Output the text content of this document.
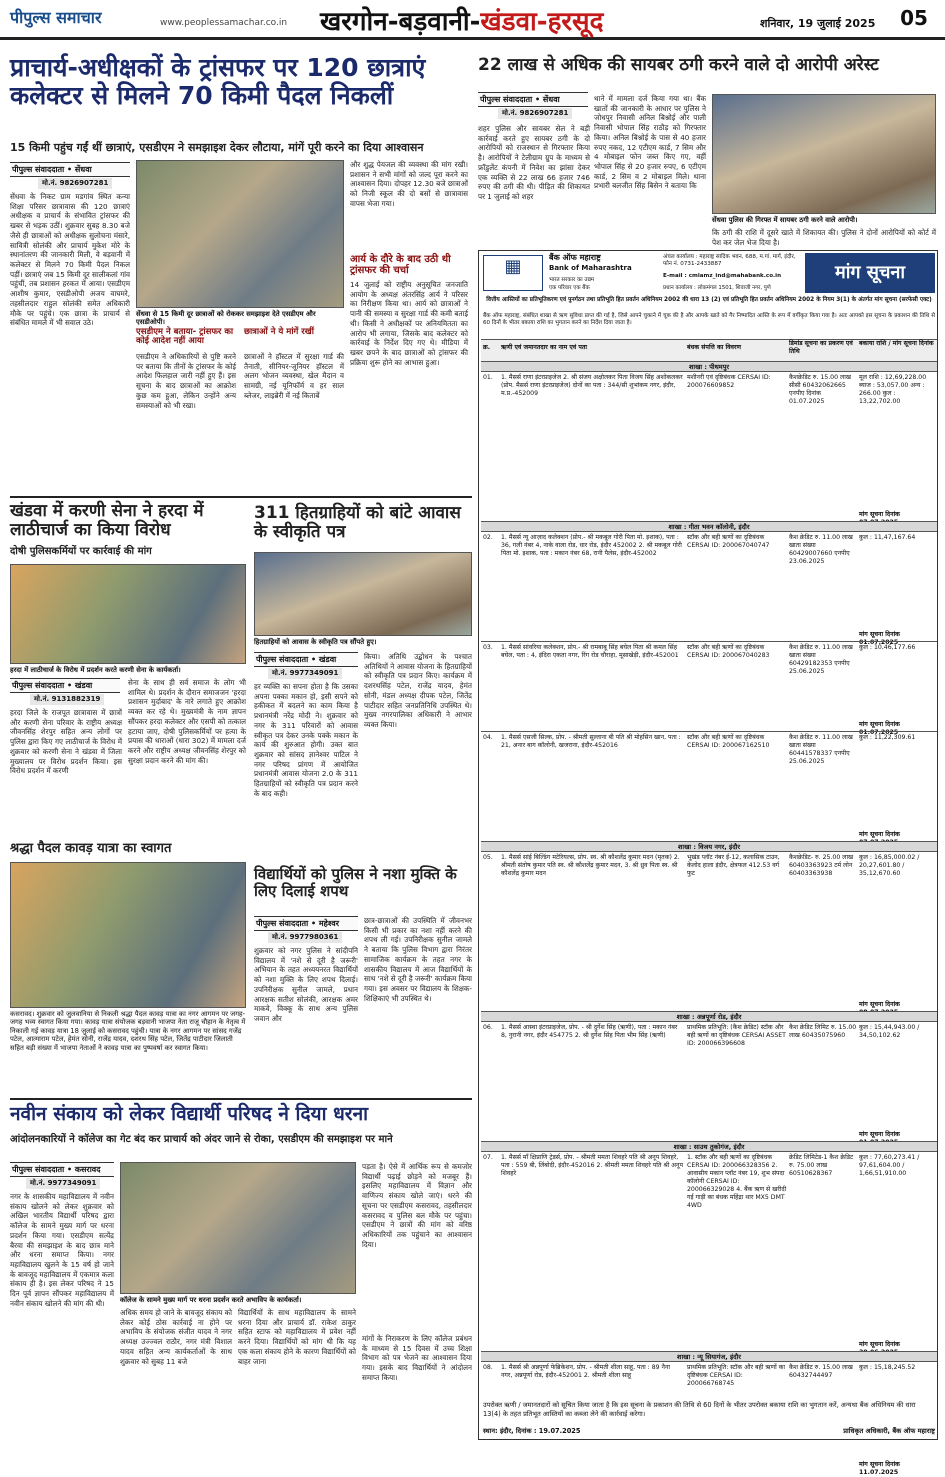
पीपुल्स समाचार	www.peoplessamachar.co.in खरगोन-बड़वानी-खंडवा-हरसूद	शनिवार, 19 जुलाई 2025 05
प्राचार्य-अधीक्षकों के ट्रांसफर पर 120 छात्राएं कलेक्टर से मिलने 70 किमी पैदल निकलीं
15 किमी पहुंच गईं थीं छात्राएं, एसडीएम ने समझाइश देकर लौटाया, मांगें पूरी करने का दिया आश्वासन
पीपुल्स संवाददाता • सेंधवा
मो.नं. 9826907281
सेंधवा के निकट ग्राम मडगांव स्थित कन्या शिक्षा परिसर छात्रावास की 120 छात्राएं अधीक्षक व प्राचार्य के संभावित ट्रांसफर की खबर से भड़क उठीं। शुक्रवार सुबह 8.30 बजे जैसे ही छात्राओं को अधीक्षक सुलोचना मंसारे, सावित्री सोलंकी और प्राचार्य मुकेश मोरे के स्थानांतरण की जानकारी मिली, वे बड़वानी में कलेक्टर से मिलने 70 किमी पैदल निकल पड़ीं। छात्राएं जब 15 किमी दूर सालीकलां गांव पहुंचीं, तब प्रशासन हरकत में आया। एसडीएम आशीष कुमार, एसडीओपी अजय वाघमरे, तहसीलदार राहुल सोलंकी समेत अधिकारी मौके पर पहुंचे। एक छात्रा के प्राचार्य से संबंधित मामले में भी सवाल उठे।
सेंधवा से 15 किमी दूर छात्राओं को रोककर समझाइश देते एसडीएम और एसडीओपी।
और शुद्ध पेयजल की व्यवस्था की मांग रखी। प्रशासन ने सभी मांगों को जल्द पूरा करने का आश्वासन दिया। दोपहर 12.30 बजे छात्राओं को निजी स्कूल की दो बसों से छात्रावास वापस भेजा गया।
आर्य के दौरे के बाद उठी थी ट्रांसफर की चर्चा
14 जुलाई को राष्ट्रीय अनुसूचित जनजाति आयोग के अध्यक्ष अंतरसिंह आर्य ने परिसर का निरीक्षण किया था। आर्य को छात्राओं ने पानी की समस्या व सुरक्षा गार्ड की कमी बताई थी। किसी ने अधीक्षकों पर अनियमितता का आरोप भी लगाया, जिसके बाद कलेक्टर को कार्रवाई के निर्देश दिए गए थे। मीडिया में खबर छपने के बाद छात्राओं को ट्रांसफर की प्रक्रिया शुरू होने का आभास हुआ।
एसडीएम ने बताया- ट्रांसफर का कोई आदेश नहीं आया
एसडीएम ने अधिकारियों से पुष्टि करने पर बताया कि तीनों के ट्रांसफर के कोई आदेश फिलहाल जारी नहीं हुए हैं। इस सूचना के बाद छात्राओं का आक्रोश कुछ कम हुआ, लेकिन उन्होंने अन्य समस्याओं को भी रखा।
छात्राओं ने ये मांगें रखीं
छात्राओं ने हॉस्टल में सुरक्षा गार्ड की तैनाती, सीनियर-जूनियर हॉस्टल में अलग भोजन व्यवस्था, खेल मैदान व सामग्री, नई यूनिफॉर्म व हर साल ब्लेजर, लाइब्रेरी में नई किताबें
22 लाख से अधिक की सायबर ठगी करने वाले दो आरोपी अरेस्ट
पीपुल्स संवाददाता • सेंधवा
मो.नं. 9826907281
शहर पुलिस और सायबर सेल ने बड़ी कार्रवाई करते हुए सायबर ठगी के दो आरोपियों को राजस्थान से गिरफ्तार किया है। आरोपियों ने टेलीग्राम ग्रुप के माध्यम से फ्रॉडुलेंट कंपनी में निवेश का झांसा देकर एक व्यक्ति से 22 लाख 66 हजार 746 रुपए की ठगी की थी। पीड़ित की शिकायत पर 1 जुलाई को शहर
थाने में मामला दर्ज किया गया था। बैंक खातों की जानकारी के आधार पर पुलिस ने जोधपुर निवासी अनिल बिश्नोई और पाली निवासी भोपाल सिंह राठौड़ को गिरफ्तार किया। अनिल बिश्नोई के पास से 40 हजार रुपए नकद, 12 एटीएम कार्ड, 7 सिम और 4 मोबाइल फोन जब्त किए गए, वहीं भोपाल सिंह से 20 हजार रुपए, 6 एटीएम कार्ड, 2 सिम व 2 मोबाइल मिले। थाना प्रभारी बलजीत सिंह बिसेन ने बताया कि
सेंधवा पुलिस की गिरफ्त में सायबर ठगी करने वाले आरोपी।
कि ठगी की राशि में दूसरे खाते में शिकायत की। पुलिस ने दोनों आरोपियों को कोर्ट में पेश कर जेल भेज दिया है।
▦	बैंक ऑफ महाराष्ट्र
Bank of Maharashtra
भारत सरकार का उद्यम
एक परिवार एक बैंक
अंचल कार्यालय : महाराष्ट्र सादिक भवन, 688, म.गां. मार्ग, इंदौर, फोन नं. 0731-2433887
E-mail : cmlamz_ind@mahabank.co.in
प्रधान कार्यालय : लोकमंगल 1501, शिवाजी नगर, पुणे
मांग सूचना
वित्तीय आस्तियों का प्रतिभूतिकरण एवं पुनर्गठन तथा प्रतिभूति हित प्रवर्तन अधिनियम 2002 की धारा 13 (2) एवं प्रतिभूति हित प्रवर्तन अधिनियम 2002 के नियम 3(1) के अंतर्गत मांग सूचना (सरफेसी एक्ट)
बैंक ऑफ महाराष्ट्र, संबंधित शाखा से ऋण सुविधा प्राप्त की गई है, जिसे आपने चुकाने में चूक की है और आपके खाते को गैर निष्पादित आस्ति के रूप में वर्गीकृत किया गया है। अतः आपको इस सूचना के प्रकाशन की तिथि से 60 दिनों के भीतर बकाया राशि का भुगतान करने का निर्देश दिया जाता है।
क्र.	ऋणी एवं जमानतदार का नाम एवं पता	बंधक संपत्ति का विवरण
डिमांड सूचना का प्रकरण एवं तिथि
बकाया राशि / मांग सूचना दिनांक
शाखा : पीथमपुर
01.	1. मैसर्स राणा इंटरप्राइजेज 2. श्री संजय अक्षोलकर पिता विजय सिंह अशोकलकर (प्रोप. मैसर्स राणा इंटरप्राइजेज) दोनों का पता : 344/सी शुभांकम नगर, इंदौर, म.प्र.-452009
मशीनरी एवं दृष्टिबंधक CERSAI ID: 200076609852
कैशक्रेडिट रु. 15.00 लाख सीसी 60432062665 एनपीए दिनांक 01.07.2025
मूल राशि : 12,69,228.00 ब्याज : 53,057.00 अन्य : 266.00 कुल : 13,22,702.00
मांग सूचना दिनांक
शाखा : गीता भवन कॉलोनी, इंदौर
02.	1. मैसर्स न्यू आज़ाद कलेक्शन (प्रोप.- श्री मकबूल गोरी पिता मो. इशाक), पता : 36, गली नंबर 4, नाके वाला रोड, धार रोड, इंदौर 452002 2. श्री मकबूल गोरी पिता मो. इशाक, पता : मकान नंबर 68, रानी पैलेस, इंदौर-452002
स्टॉक और बही ऋणों का दृष्टिबंधक CERSAI ID: 200067040747
कैश क्रेडिट रु. 11.00 लाख खाता संख्या 60429007660 एनपीए 23.06.2025
कुल : 11,47,167.64
मांग सूचना दिनांक 01.07.2025
03.	1. मैसर्स सांवरिया कलेक्शन, प्रोप.- श्री रामबाबू सिंह बघेल पिता श्री कमल सिंह बघेल, पता : 4, इंदिरा एकता नगर, रिंग रोड चौराहा, मूसाखेड़ी, इंदौर-452001
स्टॉक और बही ऋणों का दृष्टिबंधक CERSAI ID: 200067040283
कैश क्रेडिट रु. 11.00 लाख खाता संख्या 60429182353 एनपीए 25.06.2025
कुल : 10,46,177.66
मांग सूचना दिनांक 01.07.2025
04.	1. मैसर्स एसजी सिल्क, प्रोप. - श्रीमती सुल्ताना बी पति श्री मोहसिन खान, पता : 21, अनार बाग कॉलोनी, खजराना, इंदौर-452016
स्टॉक और बही ऋणों का दृष्टिबंधक CERSAI ID: 200067162510
कैश क्रेडिट रु. 11.00 लाख खाता संख्या 60441578337 एनपीए 25.06.2025
कुल : 11,22,309.61
मांग सूचना दिनांक
शाखा : विजय नगर, इंदौर
05.	1. मैसर्स सांई बिल्डिंग मटेरियल्स, प्रोप. स्व. श्री कौशलेंद्र कुमार मदन (मृतक) 2. श्रीमती संतोष कुमार पति स्व. श्री कौशलेंद्र कुमार मदन, 3. श्री ध्रुव पिता स्व. श्री कौशलेंद्र कुमार मदन
भूखंड प्लॉट नंबर ई-12, कलासिक टाउन, केलोद हाला इंदौर, क्षेत्रफल 412.53 वर्ग फुट
कैशक्रेडिट- रु. 25.00 लाख 60403363923 टर्म लोन 60403363938
कुल : 16,85,000.02 / 20,27,601.80 / 35,12,670.60
मांग सूचना दिनांक
शाखा : अन्नपूर्णा रोड, इंदौर
06.	1. मैसर्स आस्था इंटरप्राइजेज, प्रोप. - श्री दुर्गेश सिंह (ऋणी), पता : मकान नंबर 8, नुरानी नगर, इंदौर 454775 2. श्री दुर्गेश सिंह पिता भीम सिंह (ऋणी)
प्राथमिक प्रतिभूति: (कैश क्रेडिट) स्टॉक और बही ऋणों का दृष्टिबंधक CERSAI ASSET ID: 200066396608
कैश क्रेडिट लिमिट रु. 15.00 लाख 60435075960
कुल : 15,44,943.00 / 34,50,102.62
मांग सूचना दिनांक
शाखा : साउथ तुकोगंज, इंदौर
07.	1. मैसर्स माँ क्षिप्राणि ट्रेडर्स, प्रोप. - श्रीमती ममता शिवहरे पति श्री अनूप शिवहरे, पता : 559 बी, लिंबोदी, इंदौर-452016 2. श्रीमती ममता शिवहरे पति श्री अनूप शिवहरे
1. स्टॉक और बही ऋणों का दृष्टिबंधक CERSAI ID: 200066328356 2. आवासीय मकान प्लॉट नंबर 19, शुभ संपदा कॉलोनी CERSAI ID: 200066329028 4. बैंक ऋण से खरीदी गई गाड़ी का बंधक महिंद्रा थार MX5 DMT 4WD
क्रेडिट लिमिटेड-1 कैश क्रेडिट रु. 75.00 लाख 60510628367
कुल : 77,60,273.41 / 97,61,604.00 / 1,66,51,910.00
मांग सूचना दिनांक
शाखा : न्यू सियागंज, इंदौर
08.	1. मैसर्स श्री अन्नपूर्णा फेब्रिकेशन, प्रोप. - श्रीमती शीला साहू, पता : 89 नैना नगर, अन्नपूर्णा रोड, इंदौर-452001 2. श्रीमती शीला साहू
प्राथमिक प्रतिभूति: स्टॉक और बही ऋणों का दृष्टिबंधक CERSAI ID: 200066768745
कैश क्रेडिट रु. 15.00 लाख 60432744497
कुल : 15,18,245.52
मांग सूचना दिनांक 11.07.2025
उपरोक्त ऋणी / जमानतदारों को सूचित किया जाता है कि इस सूचना के प्रकाशन की तिथि से 60 दिनों के भीतर उपरोक्त बकाया राशि का भुगतान करें, अन्यथा बैंक अधिनियम की धारा 13(4) के तहत प्रतिभूत आस्तियों का कब्जा लेने की कार्रवाई करेगा।
स्थान: इंदौर, दिनांक : 19.07.2025	प्राधिकृत अधिकारी, बैंक ऑफ महाराष्ट्र
खंडवा में करणी सेना ने हरदा में लाठीचार्ज का किया विरोध
दोषी पुलिसकर्मियों पर कार्रवाई की मांग
हरदा में लाठीचार्ज के विरोध में प्रदर्शन करते करणी सेना के कार्यकर्ता।
पीपुल्स संवाददाता • खंडवा
मो.नं. 9131882319
हरदा जिले के राजपूत छात्रावास में छात्रों और करणी सेना परिवार के राष्ट्रीय अध्यक्ष जीवनसिंह शेरपुर सहित अन्य लोगों पर पुलिस द्वारा किए गए लाठीचार्ज के विरोध में शुक्रवार को करणी सेना ने खंडवा में जिला मुख्यालय पर विरोध प्रदर्शन किया। इस विरोध प्रदर्शन में करणी
सेना के साथ ही सर्व समाज के लोग भी शामिल थे। प्रदर्शन के दौरान समाजजन 'हरदा प्रशासन मुर्दाबाद' के नारे लगाते हुए आक्रोश व्यक्त कर रहे थे। मुख्यमंत्री के नाम ज्ञापन सौंपकर हरदा कलेक्टर और एसपी को तत्काल हटाया जाए, दोषी पुलिसकर्मियों पर हत्या के प्रयास की धाराओं (धारा 302) में मामला दर्ज करने और राष्ट्रीय अध्यक्ष जीवनसिंह शेरपुर को सुरक्षा प्रदान करने की मांग की।
311 हितग्राहियों को बांटे आवास के स्वीकृति पत्र
हितग्राहियों को आवास के स्वीकृति पत्र सौंपते हुए।
पीपुल्स संवाददाता • खंडवा
मो.नं. 9977349091
हर व्यक्ति का सपना होता है कि उसका अपना पक्का मकान हो, इसी सपने को हकीकत में बदलने का काम किया है प्रधानमंत्री नरेंद्र मोदी ने। शुक्रवार को नगर के 311 परिवारों को आवास स्वीकृत पत्र देकर उनके पक्के मकान के कार्य की शुरुआत होगी। उक्त बात शुक्रवार को सांसद ज्ञानेश्वर पाटिल ने नगर परिषद प्रांगण में आयोजित प्रधानमंत्री आवास योजना 2.0 के 311 हितग्राहियों को स्वीकृति पत्र प्रदान करने के बाद कही।
किया। अतिथि उद्बोधन के पश्चात अतिथियों ने आवास योजना के हितग्राहियों को स्वीकृति पत्र प्रदान किए। कार्यक्रम में दशरथसिंह पटेल, राजेंद्र यादव, हेमंत सोनी, मंडल अध्यक्ष दीपक पटेल, जितेंद्र पाटीदार सहित जनप्रतिनिधि उपस्थित थे। मुख्य नगरपालिका अधिकारी ने आभार व्यक्त किया।
श्रद्धा पैदल कावड़ यात्रा का स्वागत
कसरावद। शुक्रवार को जुलवानिया से निकली श्रद्धा पैदल कावड़ यात्रा का नगर आगमन पर जगह-जगह भव्य स्वागत किया गया। कावड़ यात्रा संयोजक बड़वानी भाजपा नेता राजू चौहान के नेतृत्व में निकाली गई कावड़ यात्रा 18 जुलाई को कसरावद पहुंची। यात्रा के नगर आगमन पर सांसद गजेंद्र पटेल, आत्माराम पटेल, हेमंत सोनी, राजेंद्र यादव, दशरथ सिंह पटेल, जितेंद्र पाटीदार जिलाती सहित बड़ी संख्या में भाजपा नेताओं ने कावड़ यात्रा का पुष्पवर्षा कर स्वागत किया।
विद्यार्थियों को पुलिस ने नशा मुक्ति के लिए दिलाई शपथ
पीपुल्स संवाददाता • महेश्वर
मो.नं. 9977980361
शुक्रवार को नगर पुलिस ने सांदीपनि विद्यालय में 'नशे से दूरी है जरूरी' अभियान के तहत अध्ययनरत विद्यार्थियों को नशा मुक्ति के लिए शपथ दिलाई। उपनिरीक्षक सुनील जामले, प्रधान आरक्षक सतीश सोलंकी, आरक्षक अमर माकवे, विक्कू के साथ अन्य पुलिस जवान और
छात्र-छात्राओं की उपस्थिति में जीवनभर किसी भी प्रकार का नशा नहीं करने की शपथ ली गई। उपनिरीक्षक सुनील जामले ने बताया कि पुलिस विभाग द्वारा निरंतर सामाजिक कार्यक्रम के तहत नगर के शासकीय विद्यालय में आज विद्यार्थियों के साथ 'नशे से दूरी है जरूरी' कार्यक्रम किया गया। इस अवसर पर विद्यालय के शिक्षक-शिक्षिकाएं भी उपस्थित थे।
नवीन संकाय को लेकर विद्यार्थी परिषद ने दिया धरना
आंदोलनकारियों ने कॉलेज का गेट बंद कर प्राचार्य को अंदर जाने से रोका, एसडीएम की समझाइश पर माने
पीपुल्स संवाददाता • कसरावद
मो.नं. 9977349091
नगर के शासकीय महाविद्यालय में नवीन संकाय खोलने को लेकर शुक्रवार को अखिल भारतीय विद्यार्थी परिषद द्वारा कॉलेज के सामने मुख्य मार्ग पर धरना प्रदर्शन किया गया। एसडीएम सत्येंद्र बैरवा की समझाइश के बाद छात्र माने और धरना समाप्त किया। नगर महाविद्यालय खुलने के 15 वर्ष हो जाने के बावजूद महाविद्यालय में एकमात्र कला संकाय ही है। इस लेकर परिषद ने 15 दिन पूर्व ज्ञापन सौंपकर महाविद्यालय में नवीन संकाय खोलने की मांग की थी।	कॉलेज के सामने मुख्य मार्ग पर धरना प्रदर्शन करते अभाविप के कार्यकर्ता।
अधिक समय हो जाने के बावजूद संकाय को लेकर कोई ठोस कार्रवाई ना होने पर अभाविप के संयोजक संजीत यादव ने नगर अध्यक्ष उज्ज्वल राठौर, नगर मंत्री विशाल यादव सहित अन्य कार्यकर्ताओं के साथ शुक्रवार को सुबह 11 बजे
विद्यार्थियों के साथ महाविद्यालय के सामने धरना दिया और प्राचार्य डॉ. राकेश ठाकुर सहित स्टाफ को महाविद्यालय में प्रवेश नहीं करने दिया। विद्यार्थियों को मांग थी कि यह एक कला संकाय होने के कारण विद्यार्थियों को बाहर जाना
पड़ता है। ऐसे में आर्थिक रूप से कमजोर विद्यार्थी पढ़ाई छोड़ने को मजबूर हैं। इसलिए महाविद्यालय में विज्ञान और वाणिज्य संकाय खोले जाएं। धरने की सूचना पर एसडीएम कसरावद, तहसीलदार कसरावद व पुलिस बल मौके पर पहुंचा। एसडीएम ने छात्रों की मांग को वरिष्ठ अधिकारियों तक पहुंचाने का आश्वासन दिया।
मांगों के निराकरण के लिए कॉलेज प्रबंधन के माध्यम से 15 दिवस में उच्च शिक्षा विभाग को पत्र भेजने का आश्वासन दिया गया। इसके बाद विद्यार्थियों ने आंदोलन समाप्त किया।
